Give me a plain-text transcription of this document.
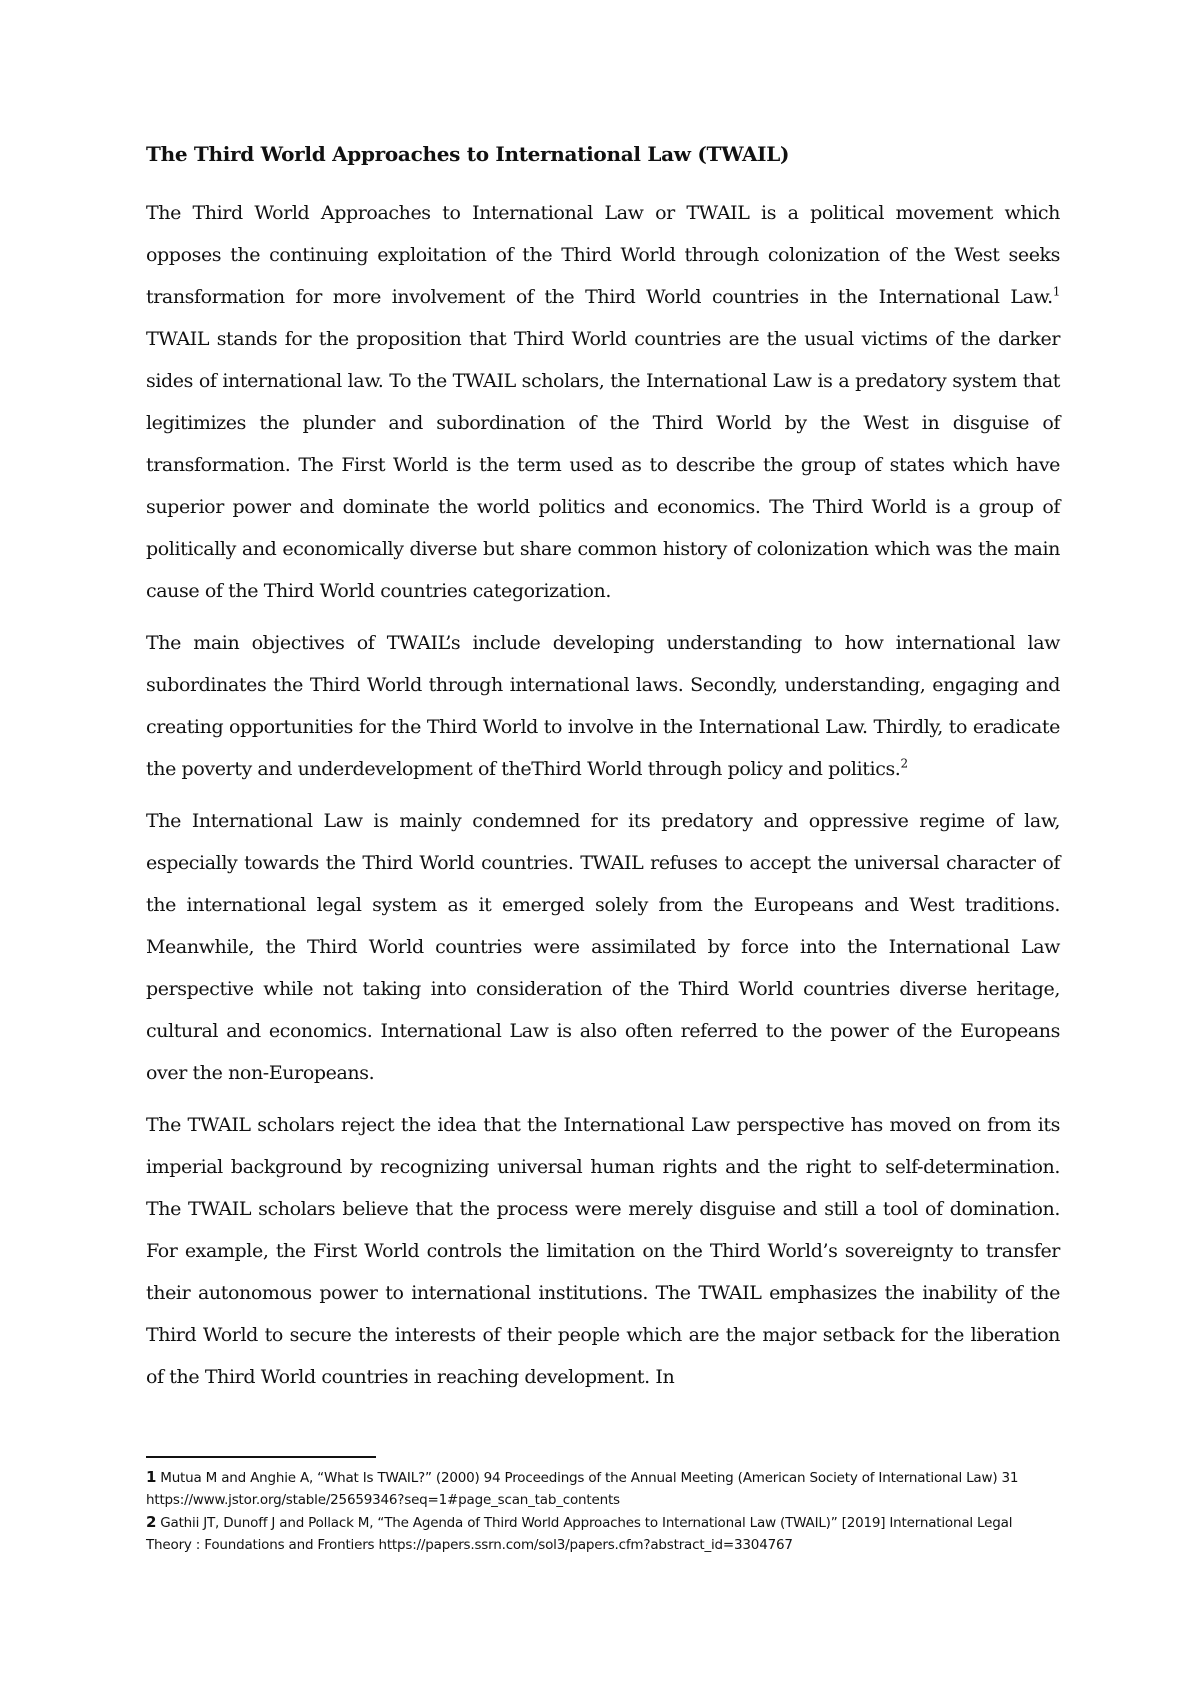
The Third World Approaches to International Law (TWAIL)

The Third World Approaches to International Law or TWAIL is a political movement which opposes the continuing exploitation of the Third World through colonization of the West seeks transformation for more involvement of the Third World countries in the International Law.$^1$ TWAIL stands for the proposition that Third World countries are the usual victims of the darker sides of international law. To the TWAIL scholars, the International Law is a predatory system that legitimizes the plunder and subordination of the Third World by the West in disguise of transformation. The First World is the term used as to describe the group of states which have superior power and dominate the world politics and economics. The Third World is a group of politically and economically diverse but share common history of colonization which was the main cause of the Third World countries categorization.

The main objectives of TWAIL’s include developing understanding to how international law subordinates the Third World through international laws. Secondly, understanding, engaging and creating opportunities for the Third World to involve in the International Law. Thirdly, to eradicate the poverty and underdevelopment of theThird World through policy and politics.$^2$

The International Law is mainly condemned for its predatory and oppressive regime of law, especially towards the Third World countries. TWAIL refuses to accept the universal character of the international legal system as it emerged solely from the Europeans and West traditions. Meanwhile, the Third World countries were assimilated by force into the International Law perspective while not taking into consideration of the Third World countries diverse heritage, cultural and economics. International Law is also often referred to the power of the Europeans over the non-Europeans.

The TWAIL scholars reject the idea that the International Law perspective has moved on from its imperial background by recognizing universal human rights and the right to self-determination. The TWAIL scholars believe that the process were merely disguise and still a tool of domination. For example, the First World controls the limitation on the Third World’s sovereignty to transfer their autonomous power to international institutions. The TWAIL emphasizes the inability of the Third World to secure the interests of their people which are the major setback for the liberation of the Third World countries in reaching development. In

1 Mutua M and Anghie A, “What Is TWAIL?” (2000) 94 Proceedings of the Annual Meeting (American Society of International Law) 31 https://www.jstor.org/stable/25659346?seq=1#page_scan_tab_contents
2 Gathii JT, Dunoff J and Pollack M, “The Agenda of Third World Approaches to International Law (TWAIL)” [2019] International Legal Theory : Foundations and Frontiers https://papers.ssrn.com/sol3/papers.cfm?abstract_id=3304767
